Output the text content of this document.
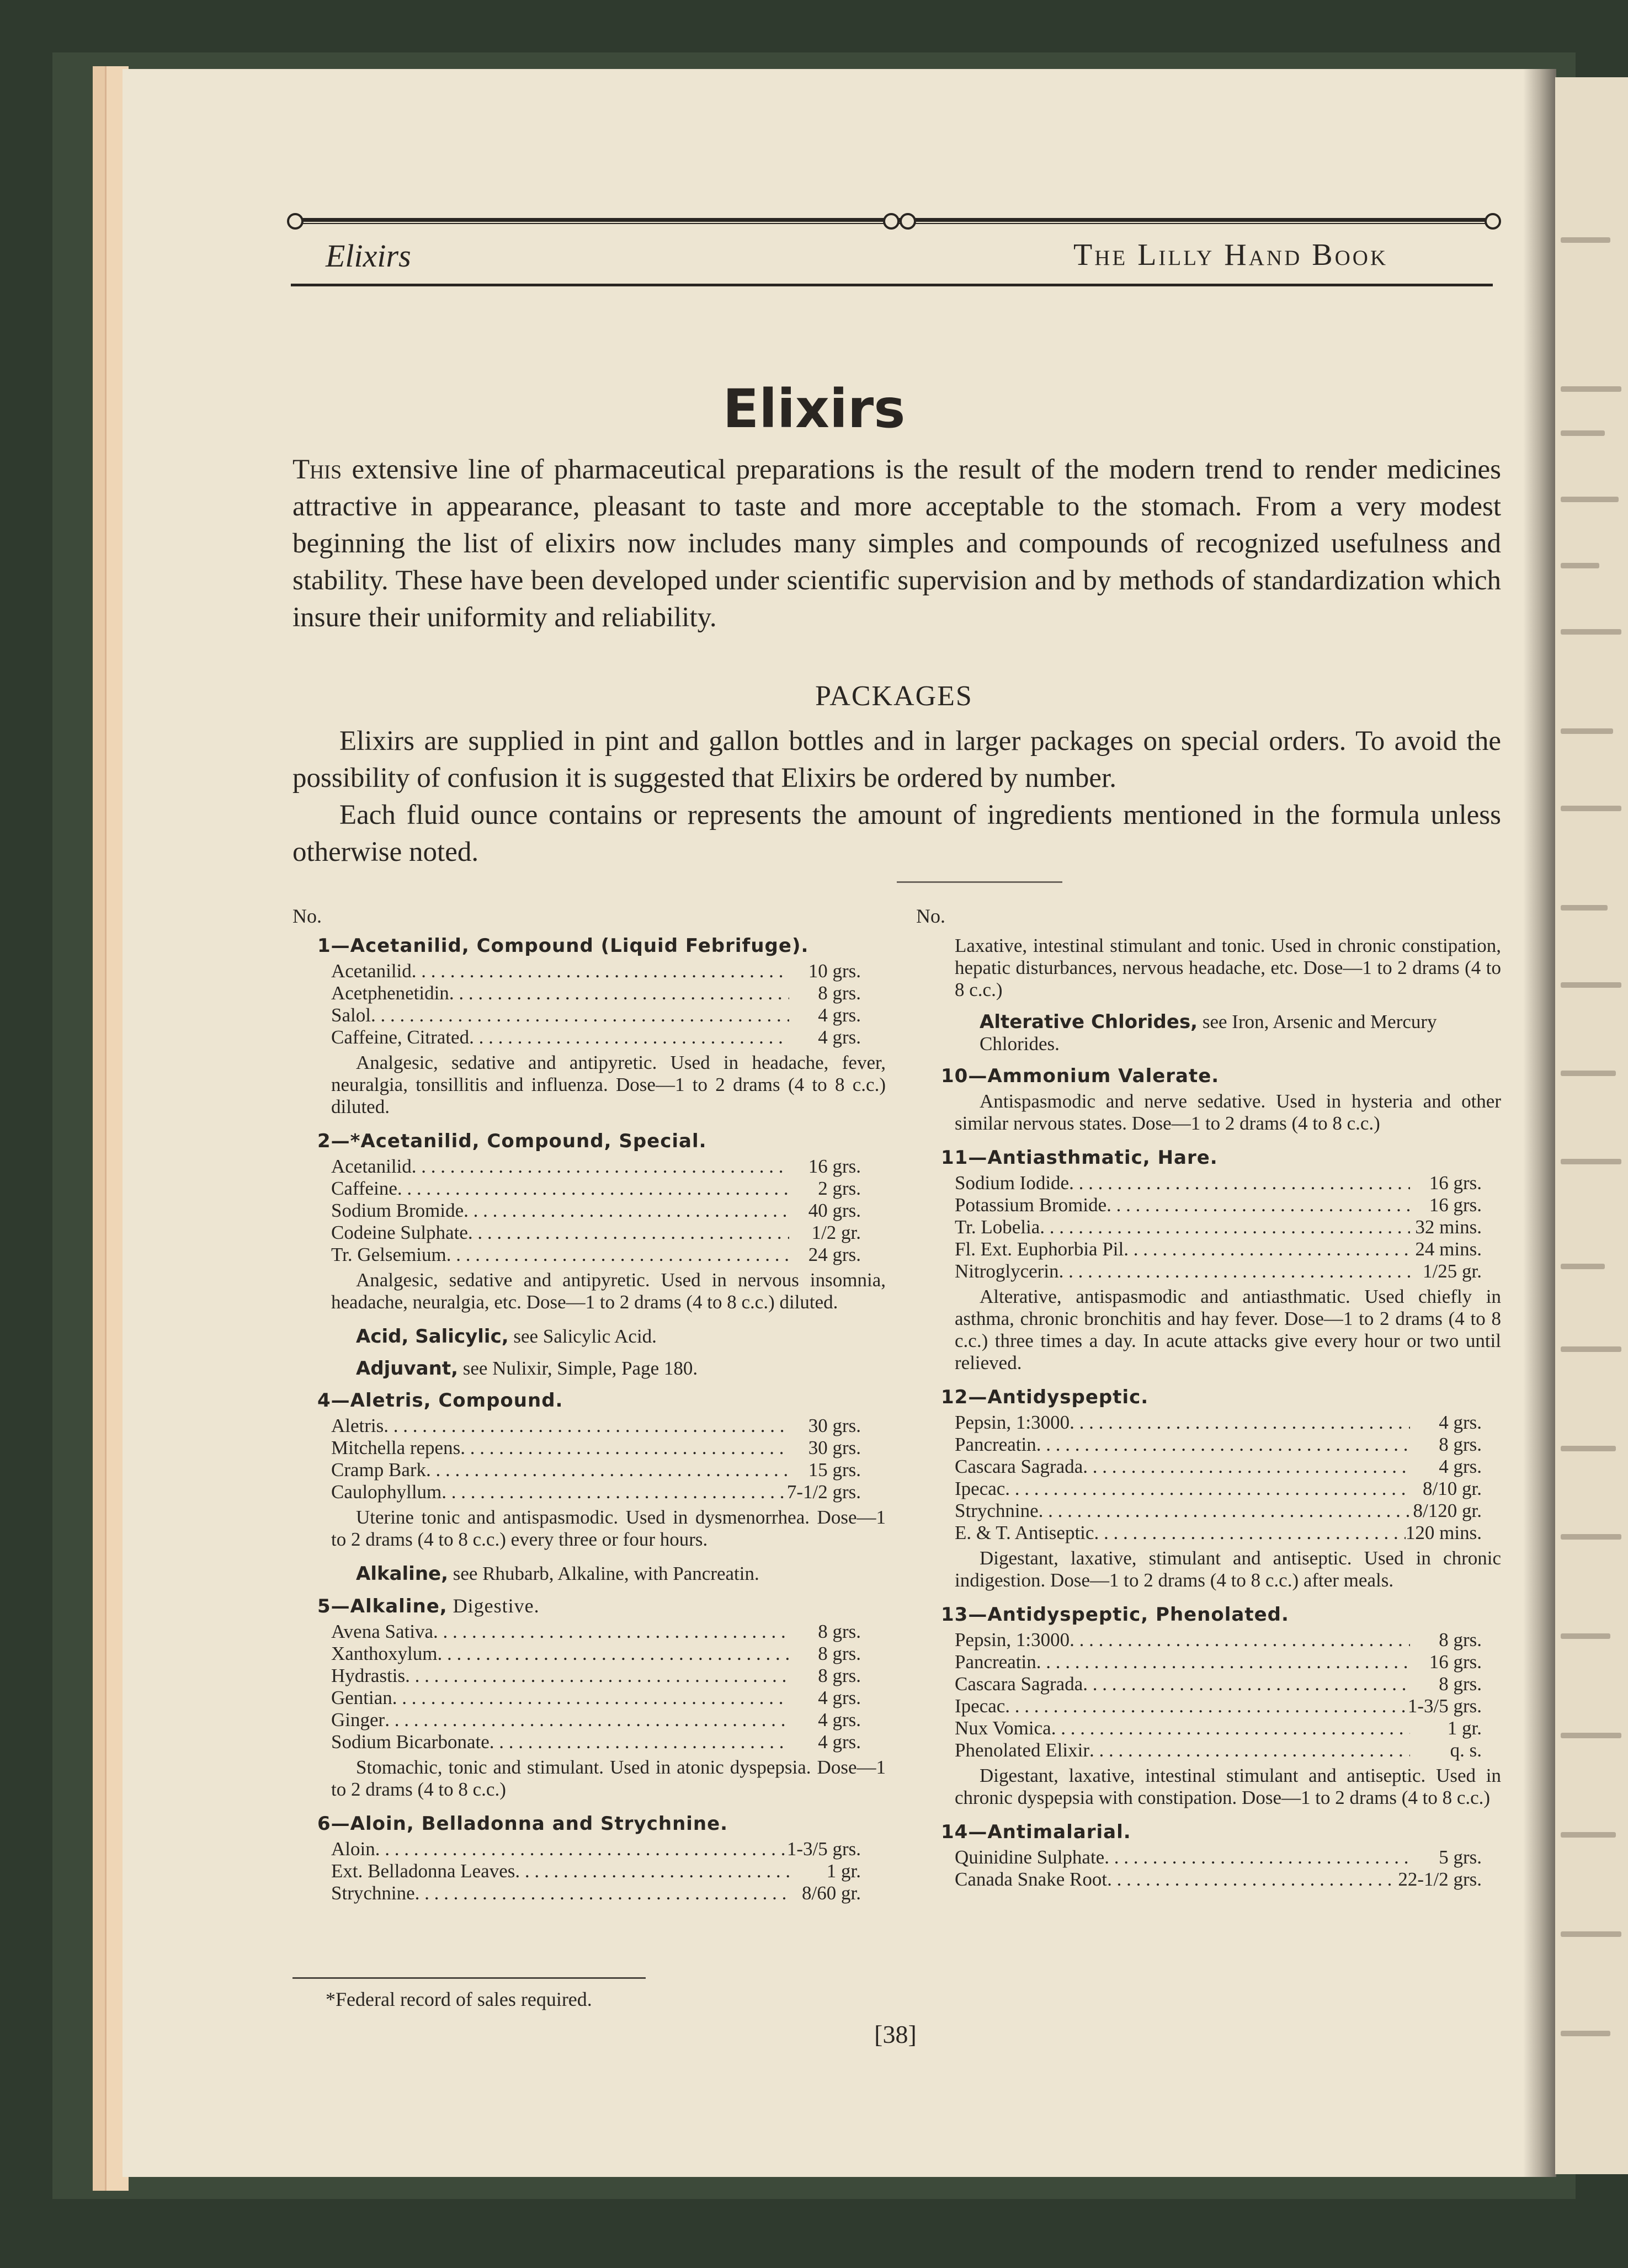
Elixirs	The Lilly Hand Book
Elixirs
This extensive line of pharmaceutical preparations is the result of the modern trend to render medicines attractive in appearance, pleasant to taste and more acceptable to the stomach. From a very modest beginning the list of elixirs now includes many simples and compounds of recognized usefulness and stability. These have been developed under scientific supervision and by methods of standardization which insure their uniformity and reliability.
PACKAGES

Elixirs are supplied in pint and gallon bottles and in larger packages on special orders. To avoid the possibility of confusion it is suggested that Elixirs be ordered by number.

Each fluid ounce contains or represents the amount of ingredients mentioned in the formula unless otherwise noted.

No.
1—Acetanilid, Compound (Liquid Febrifuge).
Acetanilid . . .	10 grs.
Acetphenetidin . . .	8 grs.
Salol . . .	4 grs.
Caffeine, Citrated . . .	4 grs.
Analgesic, sedative and antipyretic. Used in headache, fever, neuralgia, tonsillitis and influenza. Dose—1 to 2 drams (4 to 8 c.c.) diluted.
2—*Acetanilid, Compound, Special.
Acetanilid . . .	16 grs.
Caffeine . . .	2 grs.
Sodium Bromide . . .	40 grs.
Codeine Sulphate . . .	1/2 gr.
Tr. Gelsemium . . .	24 grs.
Analgesic, sedative and antipyretic. Used in nervous insomnia, headache, neuralgia, etc. Dose—1 to 2 drams (4 to 8 c.c.) diluted.
Acid, Salicylic, see Salicylic Acid.
Adjuvant, see Nulixir, Simple, Page 180.
4—Aletris, Compound.
Aletris . . .	30 grs.
Mitchella repens . . .	30 grs.
Cramp Bark . . .	15 grs.
Caulophyllum . . .	7-1/2 grs.
Uterine tonic and antispasmodic. Used in dysmenorrhea. Dose—1 to 2 drams (4 to 8 c.c.) every three or four hours.
Alkaline, see Rhubarb, Alkaline, with Pancreatin.
5—Alkaline, Digestive.
Avena Sativa . . .	8 grs.
Xanthoxylum . . .	8 grs.
Hydrastis . . .	8 grs.
Gentian . . .	4 grs.
Ginger . . .	4 grs.
Sodium Bicarbonate . . .	4 grs.
Stomachic, tonic and stimulant. Used in atonic dyspepsia. Dose—1 to 2 drams (4 to 8 c.c.)
6—Aloin, Belladonna and Strychnine.
Aloin . . .	1-3/5 grs.
Ext. Belladonna Leaves . . .	1 gr.
Strychnine . . .	8/60 gr.
*Federal record of sales required.
No.
Laxative, intestinal stimulant and tonic. Used in chronic constipation, hepatic disturbances, nervous headache, etc. Dose—1 to 2 drams (4 to 8 c.c.)
Alterative Chlorides, see Iron, Arsenic and Mercury Chlorides.
10—Ammonium Valerate.
Antispasmodic and nerve sedative. Used in hysteria and other similar nervous states. Dose—1 to 2 drams (4 to 8 c.c.)
11—Antiasthmatic, Hare.
Sodium Iodide . . .	16 grs.
Potassium Bromide . . .	16 grs.
Tr. Lobelia . . .	32 mins.
Fl. Ext. Euphorbia Pil . . .	24 mins.
Nitroglycerin . . .	1/25 gr.
Alterative, antispasmodic and antiasthmatic. Used chiefly in asthma, chronic bronchitis and hay fever. Dose—1 to 2 drams (4 to 8 c.c.) three times a day. In acute attacks give every hour or two until relieved.
12—Antidyspeptic.
Pepsin, 1:3000 . . .	4 grs.
Pancreatin . . .	8 grs.
Cascara Sagrada . . .	4 grs.
Ipecac . . .	8/10 gr.
Strychnine . . .	8/120 gr.
E. & T. Antiseptic . . .	120 mins.
Digestant, laxative, stimulant and antiseptic. Used in chronic indigestion. Dose—1 to 2 drams (4 to 8 c.c.) after meals.
13—Antidyspeptic, Phenolated.
Pepsin, 1:3000 . . .	8 grs.
Pancreatin . . .	16 grs.
Cascara Sagrada . . .	8 grs.
Ipecac . . .	1-3/5 grs.
Nux Vomica . . .	1 gr.
Phenolated Elixir . . .	q. s.
Digestant, laxative, intestinal stimulant and antiseptic. Used in chronic dyspepsia with constipation. Dose—1 to 2 drams (4 to 8 c.c.)
14—Antimalarial.
Quinidine Sulphate . . .	5 grs.
Canada Snake Root . . .	22-1/2 grs.
[38]
